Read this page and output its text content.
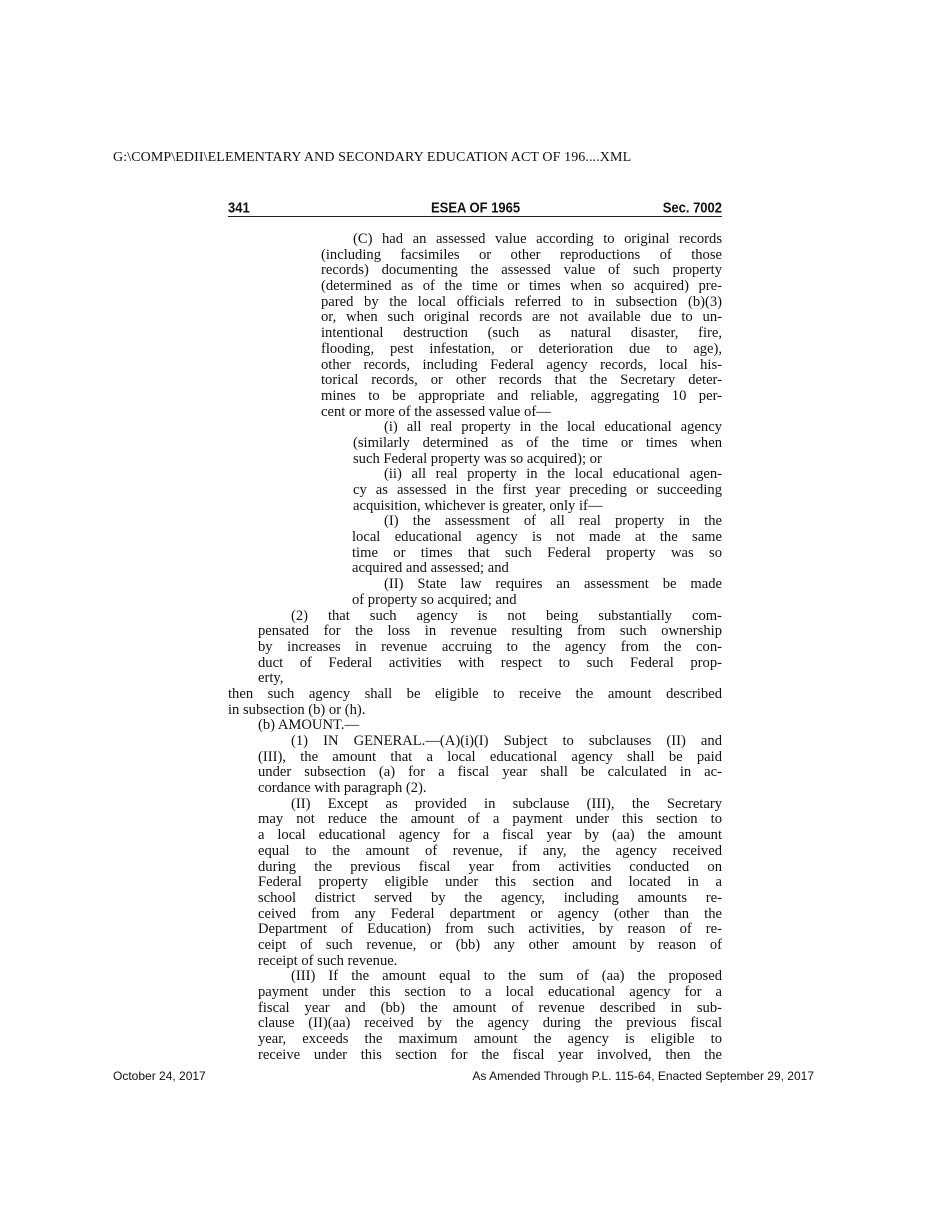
G:\COMP\EDII\ELEMENTARY AND SECONDARY EDUCATION ACT OF 196....XML
341	ESEA OF 1965	Sec. 7002
(C) had an assessed value according to original records
(including facsimiles or other reproductions of those
records) documenting the assessed value of such property
(determined as of the time or times when so acquired) pre-
pared by the local officials referred to in subsection (b)(3)
or, when such original records are not available due to un-
intentional destruction (such as natural disaster, fire,
flooding, pest infestation, or deterioration due to age),
other records, including Federal agency records, local his-
torical records, or other records that the Secretary deter-
mines to be appropriate and reliable, aggregating 10 per-
cent or more of the assessed value of—
(i) all real property in the local educational agency
(similarly determined as of the time or times when
such Federal property was so acquired); or
(ii) all real property in the local educational agen-
cy as assessed in the first year preceding or succeeding
acquisition, whichever is greater, only if—
(I) the assessment of all real property in the
local educational agency is not made at the same
time or times that such Federal property was so
acquired and assessed; and
(II) State law requires an assessment be made
of property so acquired; and
(2) that such agency is not being substantially com-
pensated for the loss in revenue resulting from such ownership
by increases in revenue accruing to the agency from the con-
duct of Federal activities with respect to such Federal prop-
erty,
then such agency shall be eligible to receive the amount described
in subsection (b) or (h).
(b) AMOUNT.—
(1) IN GENERAL.—(A)(i)(I) Subject to subclauses (II) and
(III), the amount that a local educational agency shall be paid
under subsection (a) for a fiscal year shall be calculated in ac-
cordance with paragraph (2).
(II) Except as provided in subclause (III), the Secretary
may not reduce the amount of a payment under this section to
a local educational agency for a fiscal year by (aa) the amount
equal to the amount of revenue, if any, the agency received
during the previous fiscal year from activities conducted on
Federal property eligible under this section and located in a
school district served by the agency, including amounts re-
ceived from any Federal department or agency (other than the
Department of Education) from such activities, by reason of re-
ceipt of such revenue, or (bb) any other amount by reason of
receipt of such revenue.
(III) If the amount equal to the sum of (aa) the proposed
payment under this section to a local educational agency for a
fiscal year and (bb) the amount of revenue described in sub-
clause (II)(aa) received by the agency during the previous fiscal
year, exceeds the maximum amount the agency is eligible to
receive under this section for the fiscal year involved, then the
October 24, 2017	As Amended Through P.L. 115-64, Enacted September 29, 2017
